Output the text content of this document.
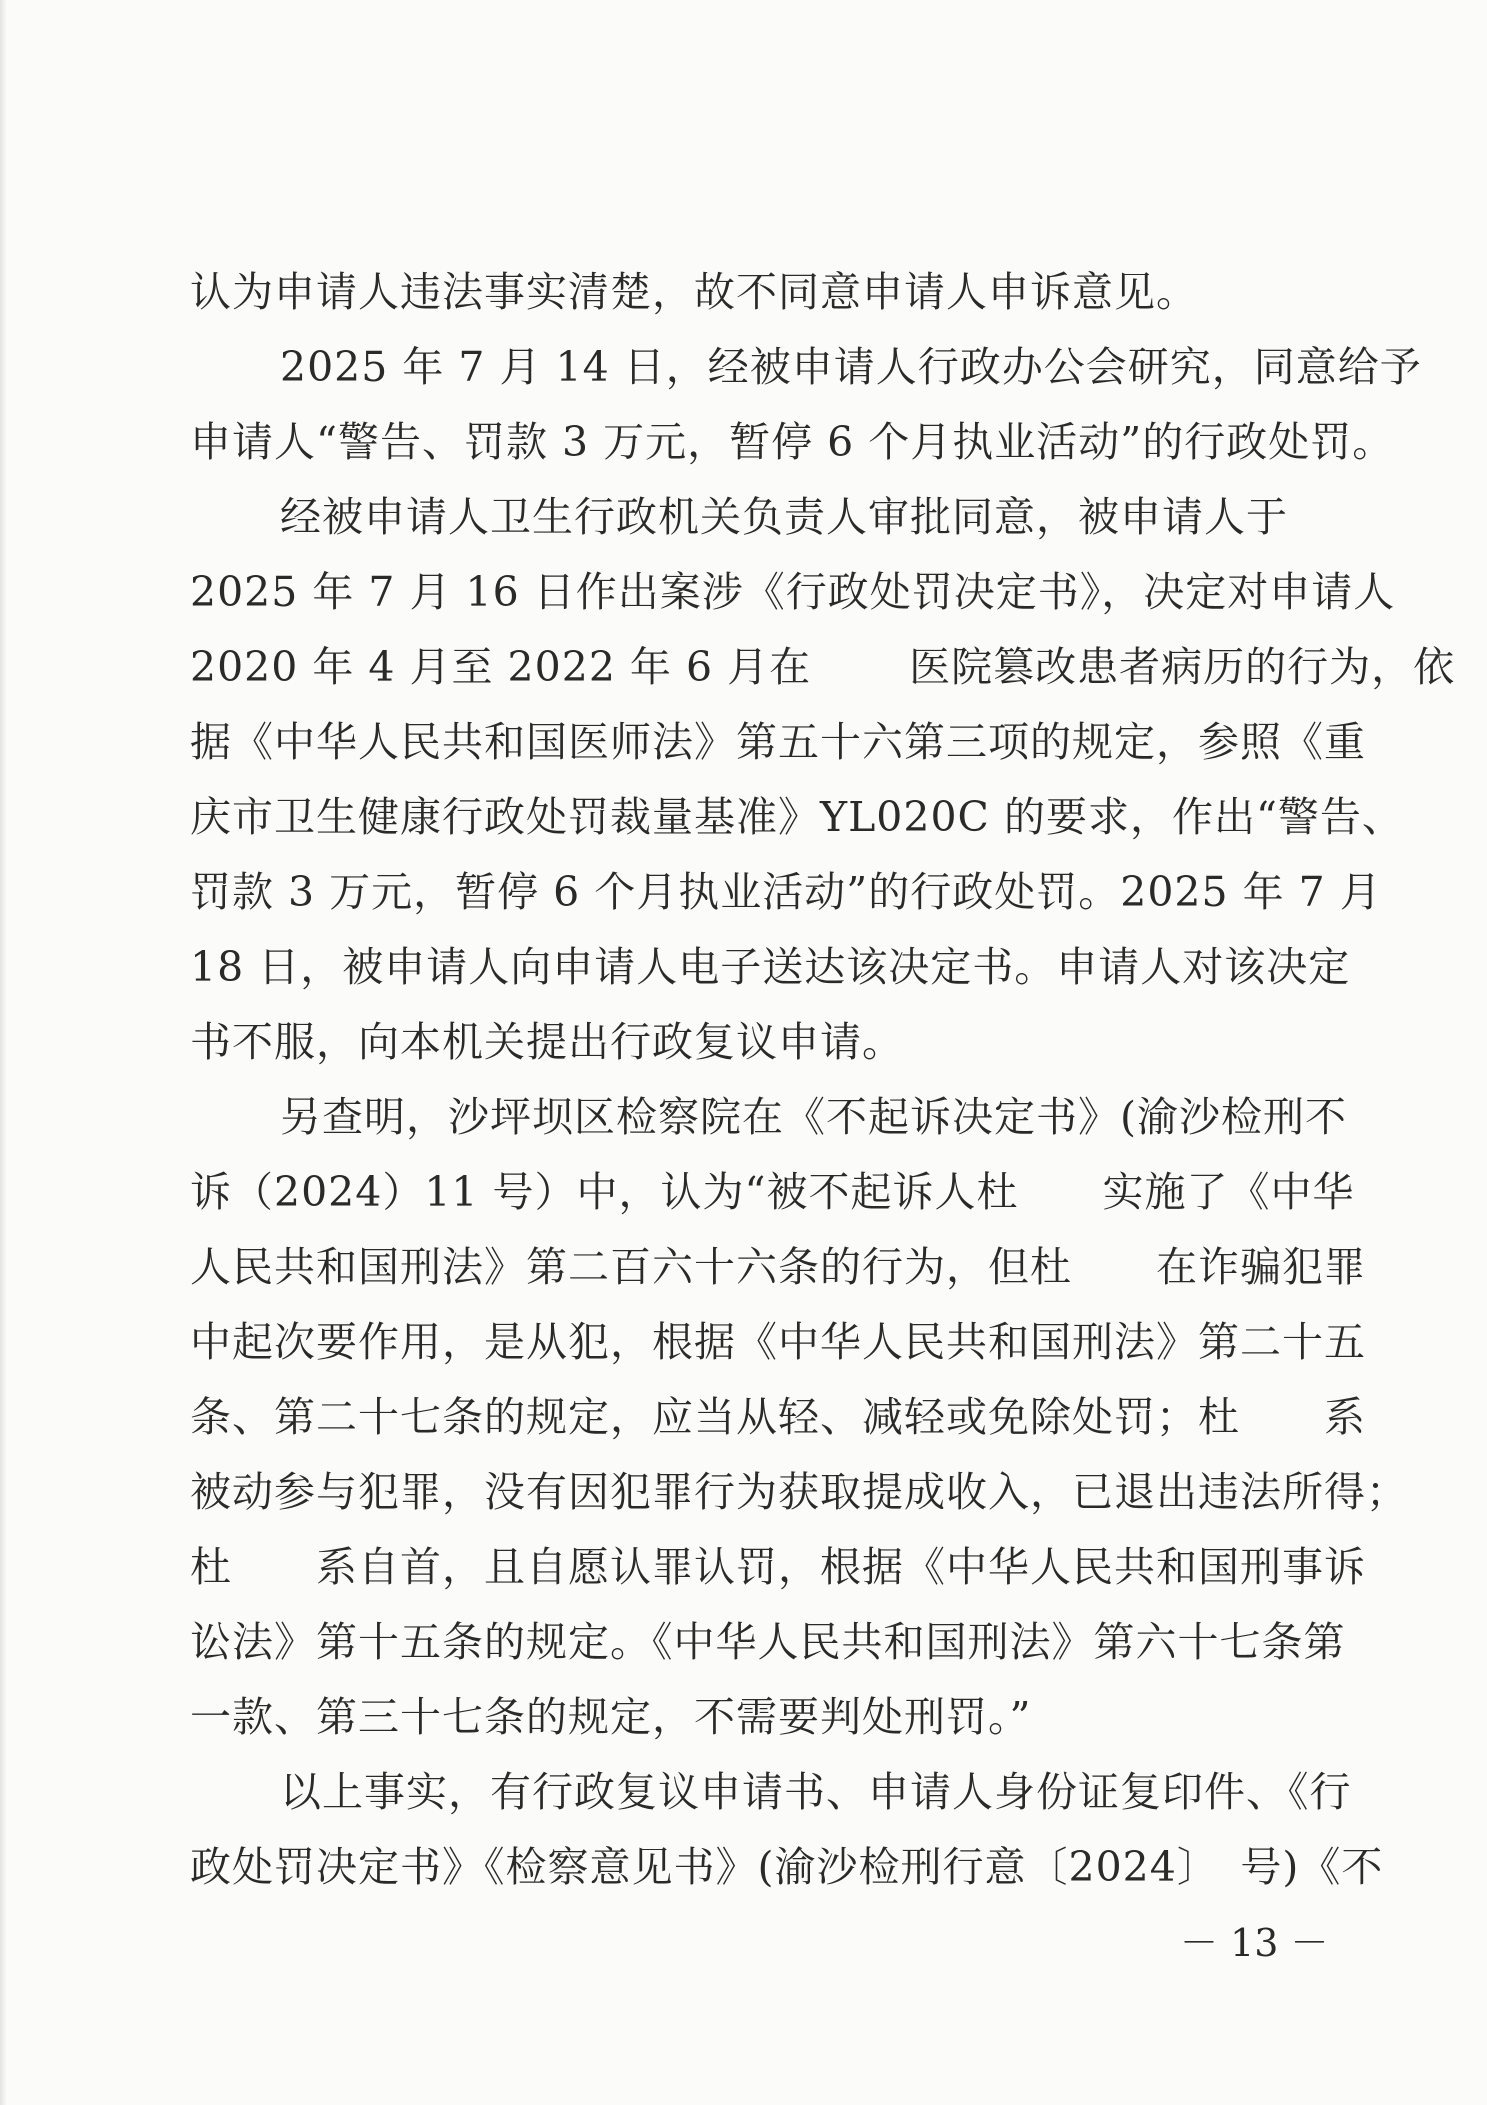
认为申请人违法事实清楚，故不同意申请人申诉意见。
2025 年 7 月 14 日，经被申请人行政办公会研究，同意给予
申请人“警告、罚款 3 万元，暂停 6 个月执业活动”的行政处罚。
经被申请人卫生行政机关负责人审批同意，被申请人于
2025 年 7 月 16 日作出案涉《行政处罚决定书》，决定对申请人
2020 年 4 月至 2022 年 6 月在　　 医院篡改患者病历的行为，依
据《中华人民共和国医师法》第五十六第三项的规定，参照《重
庆市卫生健康行政处罚裁量基准》YL020C 的要求，作出“警告、
罚款 3 万元，暂停 6 个月执业活动”的行政处罚。2025 年 7 月
18 日，被申请人向申请人电子送达该决定书。申请人对该决定
书不服，向本机关提出行政复议申请。
另查明，沙坪坝区检察院在《不起诉决定书》(渝沙检刑不
诉（2024）11 号）中，认为“被不起诉人杜　　实施了《中华
人民共和国刑法》第二百六十六条的行为，但杜　　在诈骗犯罪
中起次要作用，是从犯，根据《中华人民共和国刑法》第二十五
条、第二十七条的规定，应当从轻、减轻或免除处罚；杜　　系
被动参与犯罪，没有因犯罪行为获取提成收入，已退出违法所得；
杜　　系自首，且自愿认罪认罚，根据《中华人民共和国刑事诉
讼法》第十五条的规定。《中华人民共和国刑法》第六十七条第
一款、第三十七条的规定，不需要判处刑罚。”
以上事实，有行政复议申请书、申请人身份证复印件、《行
政处罚决定书》《检察意见书》(渝沙检刑行意〔2024〕　号)《不
－ 13 －
